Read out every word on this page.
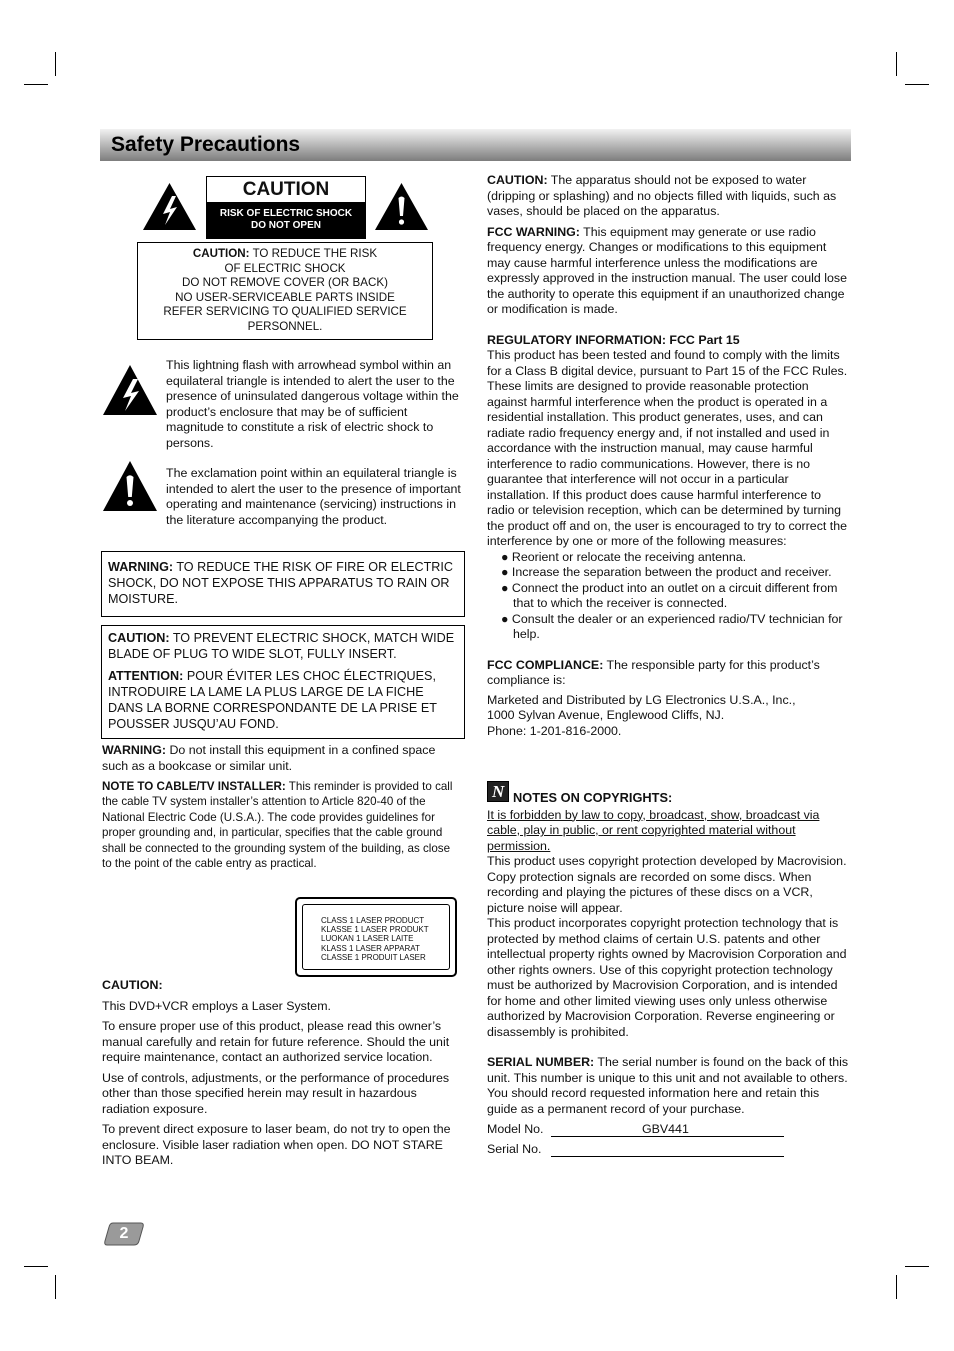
Safety Precautions
CAUTION
RISK OF ELECTRIC SHOCK
DO NOT OPEN

CAUTION: TO REDUCE THE RISK

OF ELECTRIC SHOCK

DO NOT REMOVE COVER (OR BACK)

NO USER-SERVICEABLE PARTS INSIDE

REFER SERVICING TO QUALIFIED SERVICE

PERSONNEL.

This lightning flash with arrowhead symbol within an equilateral triangle is intended to alert the user to the presence of uninsulated dangerous voltage within the product’s enclosure that may be of sufficient magnitude to constitute a risk of electric shock to persons.

The exclamation point within an equilateral triangle is intended to alert the user to the presence of important operating and maintenance (servicing) instructions in the literature accompanying the product.

WARNING: TO REDUCE THE RISK OF FIRE OR ELECTRIC SHOCK, DO NOT EXPOSE THIS APPARATUS TO RAIN OR MOISTURE.

CAUTION: TO PREVENT ELECTRIC SHOCK, MATCH WIDE BLADE OF PLUG TO WIDE SLOT, FULLY INSERT.

ATTENTION: POUR ÉVITER LES CHOC ÉLECTRIQUES, INTRODUIRE LA LAME LA PLUS LARGE DE LA FICHE DANS LA BORNE CORRESPONDANTE DE LA PRISE ET POUSSER JUSQU’AU FOND.

WARNING: Do not install this equipment in a confined space such as a bookcase or similar unit.

NOTE TO CABLE/TV INSTALLER: This reminder is provided to call the cable TV system installer’s attention to Article 820-40 of the National Electric Code (U.S.A.). The code provides guidelines for proper grounding and, in particular, specifies that the cable ground shall be connected to the grounding system of the building, as close to the point of the cable entry as practical.

CLASS 1 LASER PRODUCT
KLASSE 1 LASER PRODUKT
LUOKAN 1 LASER LAITE
KLASS 1 LASER APPARAT
CLASSE 1 PRODUIT LASER

CAUTION:

This DVD+VCR employs a Laser System.

To ensure proper use of this product, please read this owner’s manual carefully and retain for future reference. Should the unit require maintenance, contact an authorized service location.

Use of controls, adjustments, or the performance of procedures other than those specified herein may result in hazardous radiation exposure.

To prevent direct exposure to laser beam, do not try to open the enclosure. Visible laser radiation when open. DO NOT STARE INTO BEAM.

CAUTION: The apparatus should not be exposed to water (dripping or splashing) and no objects filled with liquids, such as vases, should be placed on the apparatus.

FCC WARNING: This equipment may generate or use radio frequency energy. Changes or modifications to this equipment may cause harmful interference unless the modifications are expressly approved in the instruction manual. The user could lose the authority to operate this equipment if an unauthorized change or modification is made.

REGULATORY INFORMATION: FCC Part 15

This product has been tested and found to comply with the limits for a Class B digital device, pursuant to Part 15 of the FCC Rules. These limits are designed to provide reasonable protection against harmful interference when the product is operated in a residential installation. This product generates, uses, and can radiate radio frequency energy and, if not installed and used in accordance with the instruction manual, may cause harmful interference to radio communications. However, there is no guarantee that interference will not occur in a particular installation. If this product does cause harmful interference to radio or television reception, which can be determined by turning the product off and on, the user is encouraged to try to correct the interference by one or more of the following measures:

● Reorient or relocate the receiving antenna.
● Increase the separation between the product and receiver.
● Connect the product into an outlet on a circuit different from that to which the receiver is connected.
● Consult the dealer or an experienced radio/TV technician for help.

FCC COMPLIANCE: The responsible party for this product’s compliance is:

Marketed and Distributed by LG Electronics U.S.A., Inc.,

1000 Sylvan Avenue, Englewood Cliffs, NJ.

Phone: 1-201-816-2000.

N NOTES ON COPYRIGHTS:

It is forbidden by law to copy, broadcast, show, broadcast via cable, play in public, or rent copyrighted material without permission.

This product uses copyright protection developed by Macrovision. Copy protection signals are recorded on some discs. When recording and playing the pictures of these discs on a VCR, picture noise will appear.

This product incorporates copyright protection technology that is protected by method claims of certain U.S. patents and other intellectual property rights owned by Macrovision Corporation and other rights owners. Use of this copyright protection technology must be authorized by Macrovision Corporation, and is intended for home and other limited viewing uses only unless otherwise authorized by Macrovision Corporation. Reverse engineering or disassembly is prohibited.

SERIAL NUMBER: The serial number is found on the back of this unit. This number is unique to this unit and not available to others. You should record requested information here and retain this guide as a permanent record of your purchase.

Model No.	GBV441
Serial No.
2
